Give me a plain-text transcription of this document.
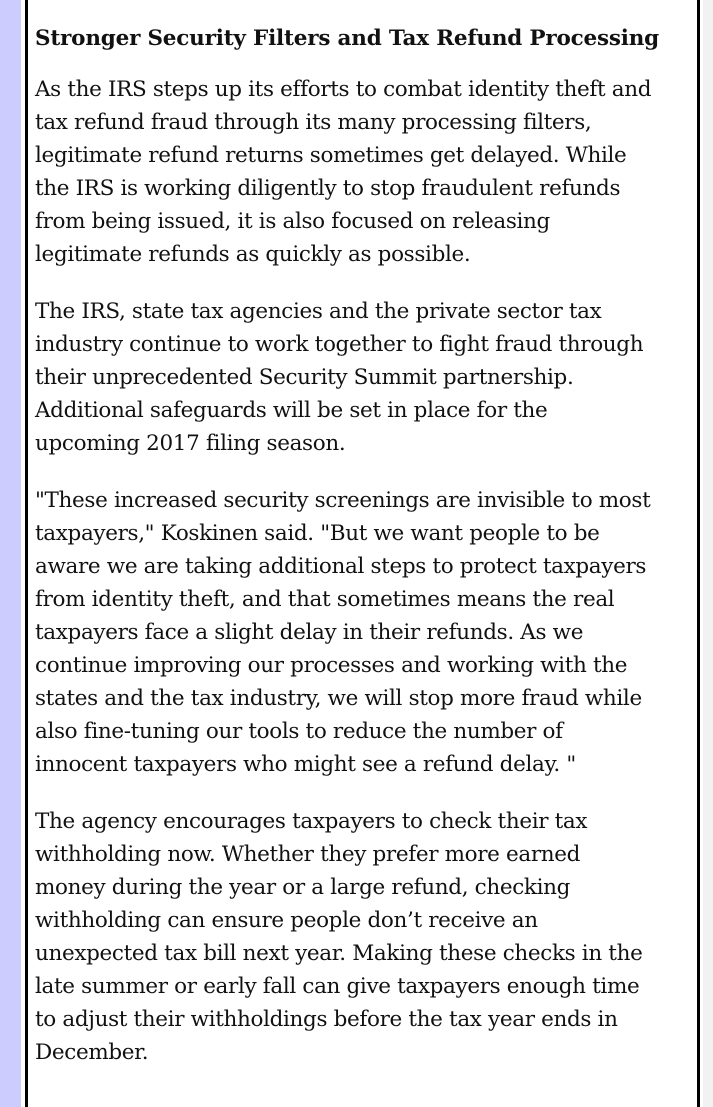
Stronger Security Filters and Tax Refund Processing
As the IRS steps up its efforts to combat identity theft and
tax refund fraud through its many processing filters,
legitimate refund returns sometimes get delayed. While
the IRS is working diligently to stop fraudulent refunds
from being issued, it is also focused on releasing
legitimate refunds as quickly as possible.
The IRS, state tax agencies and the private sector tax
industry continue to work together to fight fraud through
their unprecedented Security Summit partnership.
Additional safeguards will be set in place for the
upcoming 2017 filing season.
"These increased security screenings are invisible to most
taxpayers," Koskinen said. "But we want people to be
aware we are taking additional steps to protect taxpayers
from identity theft, and that sometimes means the real
taxpayers face a slight delay in their refunds. As we
continue improving our processes and working with the
states and the tax industry, we will stop more fraud while
also fine-tuning our tools to reduce the number of
innocent taxpayers who might see a refund delay. "
The agency encourages taxpayers to check their tax
withholding now. Whether they prefer more earned
money during the year or a large refund, checking
withholding can ensure people don’t receive an
unexpected tax bill next year. Making these checks in the
late summer or early fall can give taxpayers enough time
to adjust their withholdings before the tax year ends in
December.
